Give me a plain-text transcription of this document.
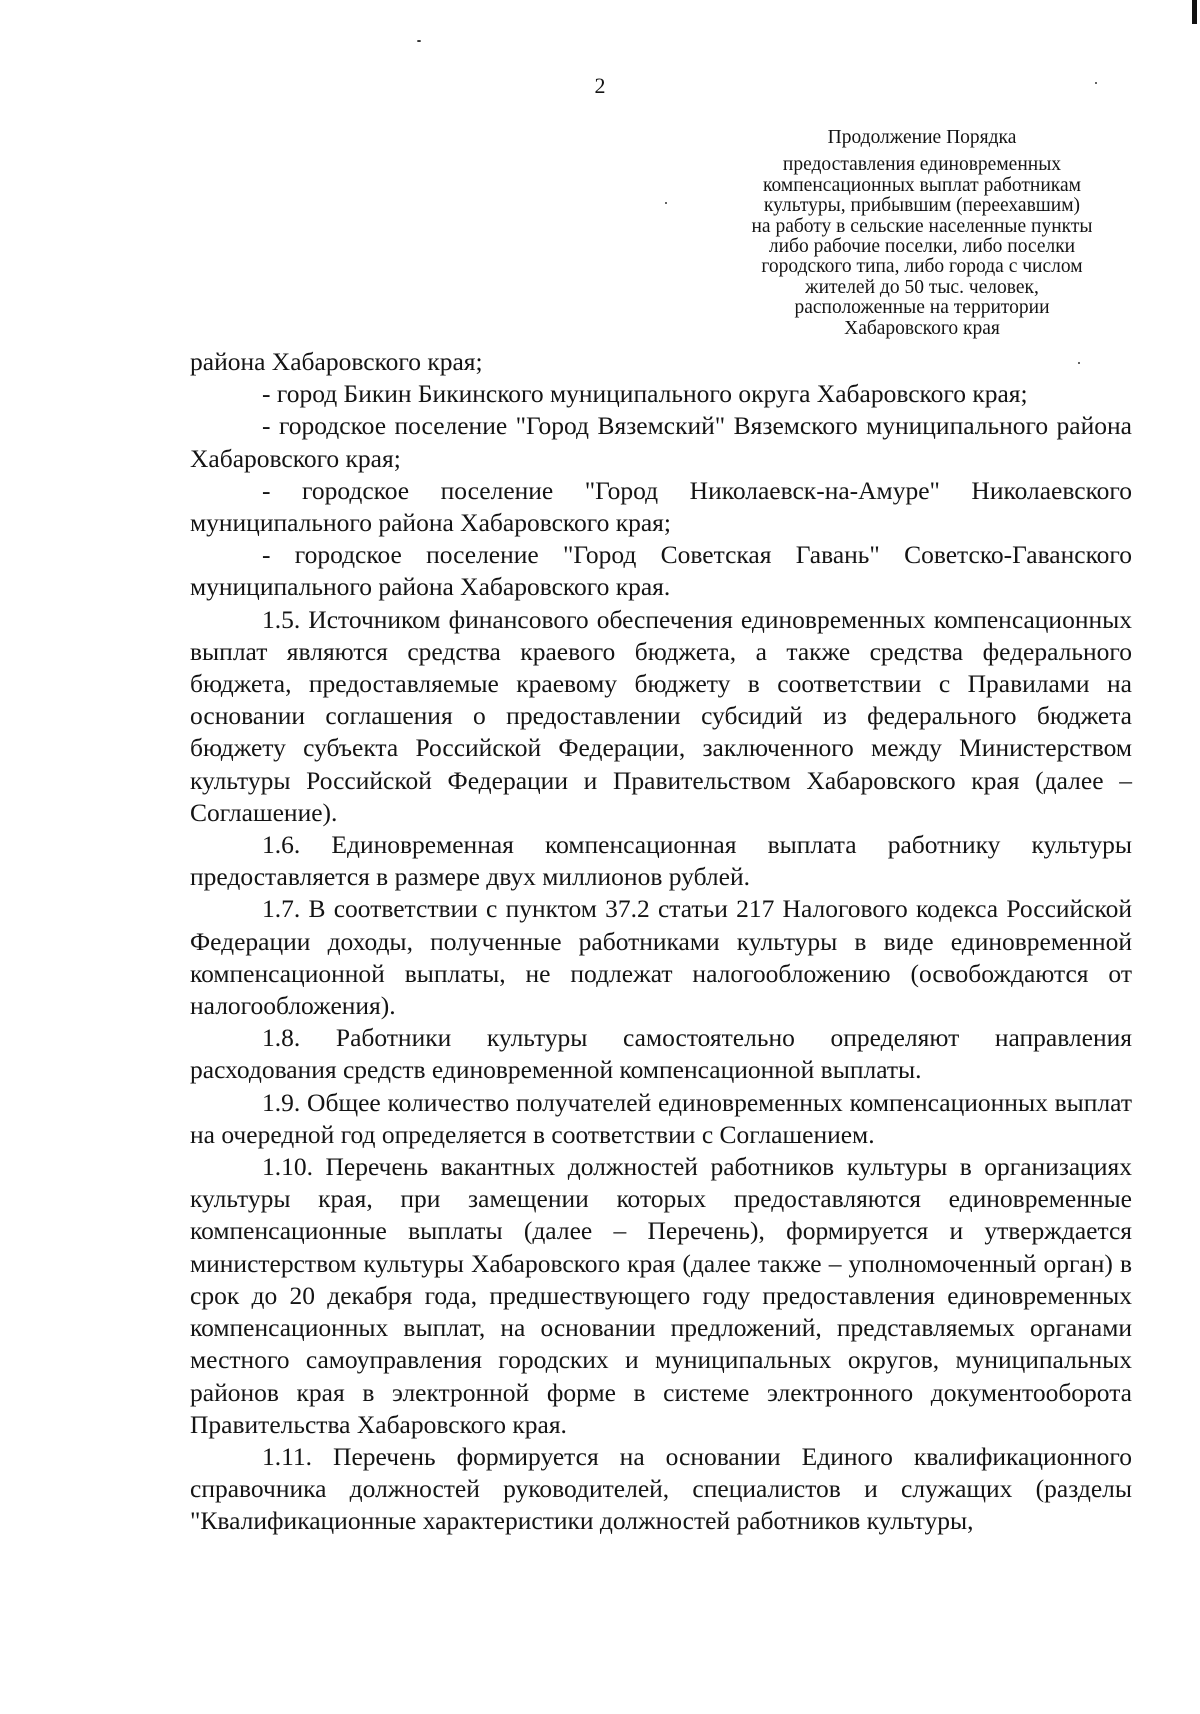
2
Продолжение Порядка
предоставления единовременных
компенсационных выплат работникам
культуры, прибывшим (переехавшим)
на работу в сельские населенные пункты
либо рабочие поселки, либо поселки
городского типа, либо города с числом
жителей до 50 тыс. человек,
расположенные на территории
Хабаровского края

района Хабаровского края;

- город Бикин Бикинского муниципального округа Хабаровского края;

- городское поселение "Город Вяземский" Вяземского муниципального района Хабаровского края;

- городское поселение "Город Николаевск-на-Амуре" Николаевского муниципального района Хабаровского края;

- городское поселение "Город Советская Гавань" Советско-Гаванского муниципального района Хабаровского края.

1.5. Источником финансового обеспечения единовременных компенсационных выплат являются средства краевого бюджета, а также средства федерального бюджета, предоставляемые краевому бюджету в соответствии с Правилами на основании соглашения о предоставлении субсидий из федерального бюджета бюджету субъекта Российской Федерации, заключенного между Министерством культуры Российской Федерации и Правительством Хабаровского края (далее – Соглашение).

1.6. Единовременная компенсационная выплата работнику культуры предоставляется в размере двух миллионов рублей.

1.7. В соответствии с пунктом 37.2 статьи 217 Налогового кодекса Российской Федерации доходы, полученные работниками культуры в виде единовременной компенсационной выплаты, не подлежат налогообложению (освобождаются от налогообложения).

1.8. Работники культуры самостоятельно определяют направления расходования средств единовременной компенсационной выплаты.

1.9. Общее количество получателей единовременных компенсационных выплат на очередной год определяется в соответствии с Соглашением.

1.10. Перечень вакантных должностей работников культуры в организациях культуры края, при замещении которых предоставляются единовременные компенсационные выплаты (далее – Перечень), формируется и утверждается министерством культуры Хабаровского края (далее также – уполномоченный орган) в срок до 20 декабря года, предшествующего году предоставления единовременных компенсационных выплат, на основании предложений, представляемых органами местного самоуправления городских и муниципальных округов, муниципальных районов края в электронной форме в системе электронного документооборота Правительства Хабаровского края.

1.11. Перечень формируется на основании Единого квалификационного справочника должностей руководителей, специалистов и служащих (разделы "Квалификационные характеристики должностей работников культуры,
